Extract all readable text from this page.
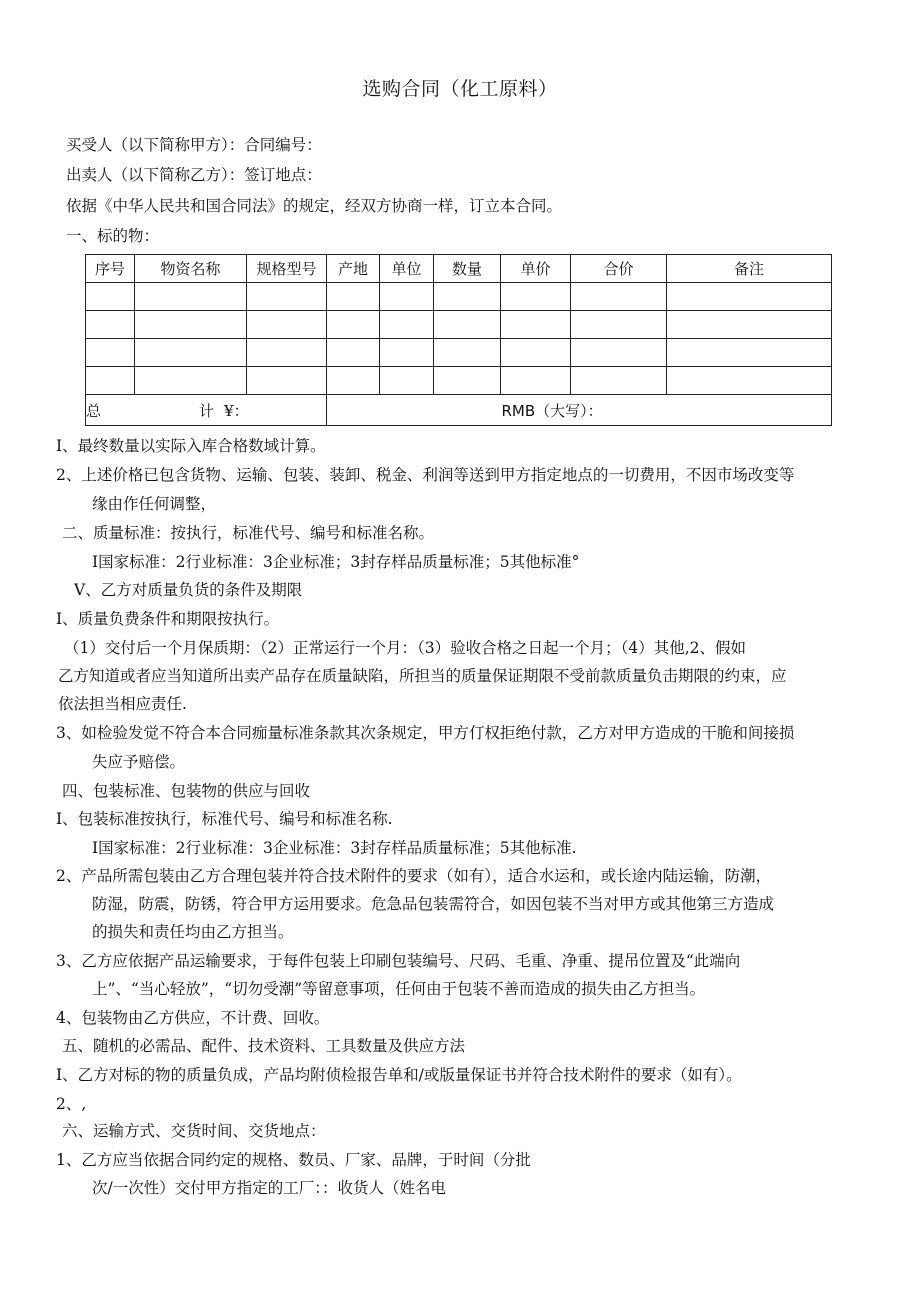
选购合同（化工原料）
买受人（以下简称甲方）：合同编号：
出卖人（以下简称乙方）：签订地点：
依据《中华人民共和国合同法》的规定，经双方协商一样，订立本合同。
一、标的物：
序号	物资名称	规格型号	产地	单位	数量	单价	合价	备注

总 计 ¥：						RMB（大写）：		
I、最终数量以实际入库合格数域计算。
2、上述价格已包含货物、运输、包装、装卸、税金、利润等送到甲方指定地点的一切费用，不因市场改变等
缘由作任何调整，
二、质量标准：按执行，标准代号、编号和标准名称。
I国家标准：2行业标准：3企业标准；3封存样品质量标准；5其他标准°
V、乙方对质量负货的条件及期限
I、质量负费条件和期限按执行。
（1）交付后一个月保质期：（2）正常运行一个月：（3）验收合格之日起一个月；（4）其他,2、假如
乙方知道或者应当知道所出卖产品存在质量缺陷，所担当的质量保证期限不受前款质量负击期限的约束，应
依法担当相应责任.
3、如检验发觉不符合本合同痂量标准条款其次条规定，甲方仃权拒绝付款，乙方对甲方造成的干脆和间接损
失应予赔偿。
四、包装标准、包装物的供应与回收
I、包装标准按执行，标准代号、编号和标准名称.
I国家标准：2行业标准：3企业标准：3封存样品质量标准；5其他标准.
2、产品所需包装由乙方合理包装并符合技术附件的要求（如有），适合水运和，或长途内陆运输，防潮，
防湿，防震，防锈，符合甲方运用要求。危急品包装需符合，如因包装不当对甲方或其他第三方造成
的损失和责任均由乙方担当。
3、乙方应依据产品运输要求，于每件包装上印刷包装编号、尺码、毛重、净重、提吊位置及“此端向
上”、“当心轻放”，“切勿受潮”等留意事项，任何由于包装不善而造成的损失由乙方担当。
4、包装物由乙方供应，不计费、回收。
五、随机的必需品、配件、技术资料、工具数量及供应方法
I、乙方对标的物的质量负成，产品均附侦检报告单和/或版量保证书并符合技术附件的要求（如有）。
2、,
六、运输方式、交货时间、交货地点：
1、乙方应当依据合同约定的规格、数员、厂家、品牌，于时间（分批
次/一次性）交付甲方指定的工厂：：收货人（姓名电
